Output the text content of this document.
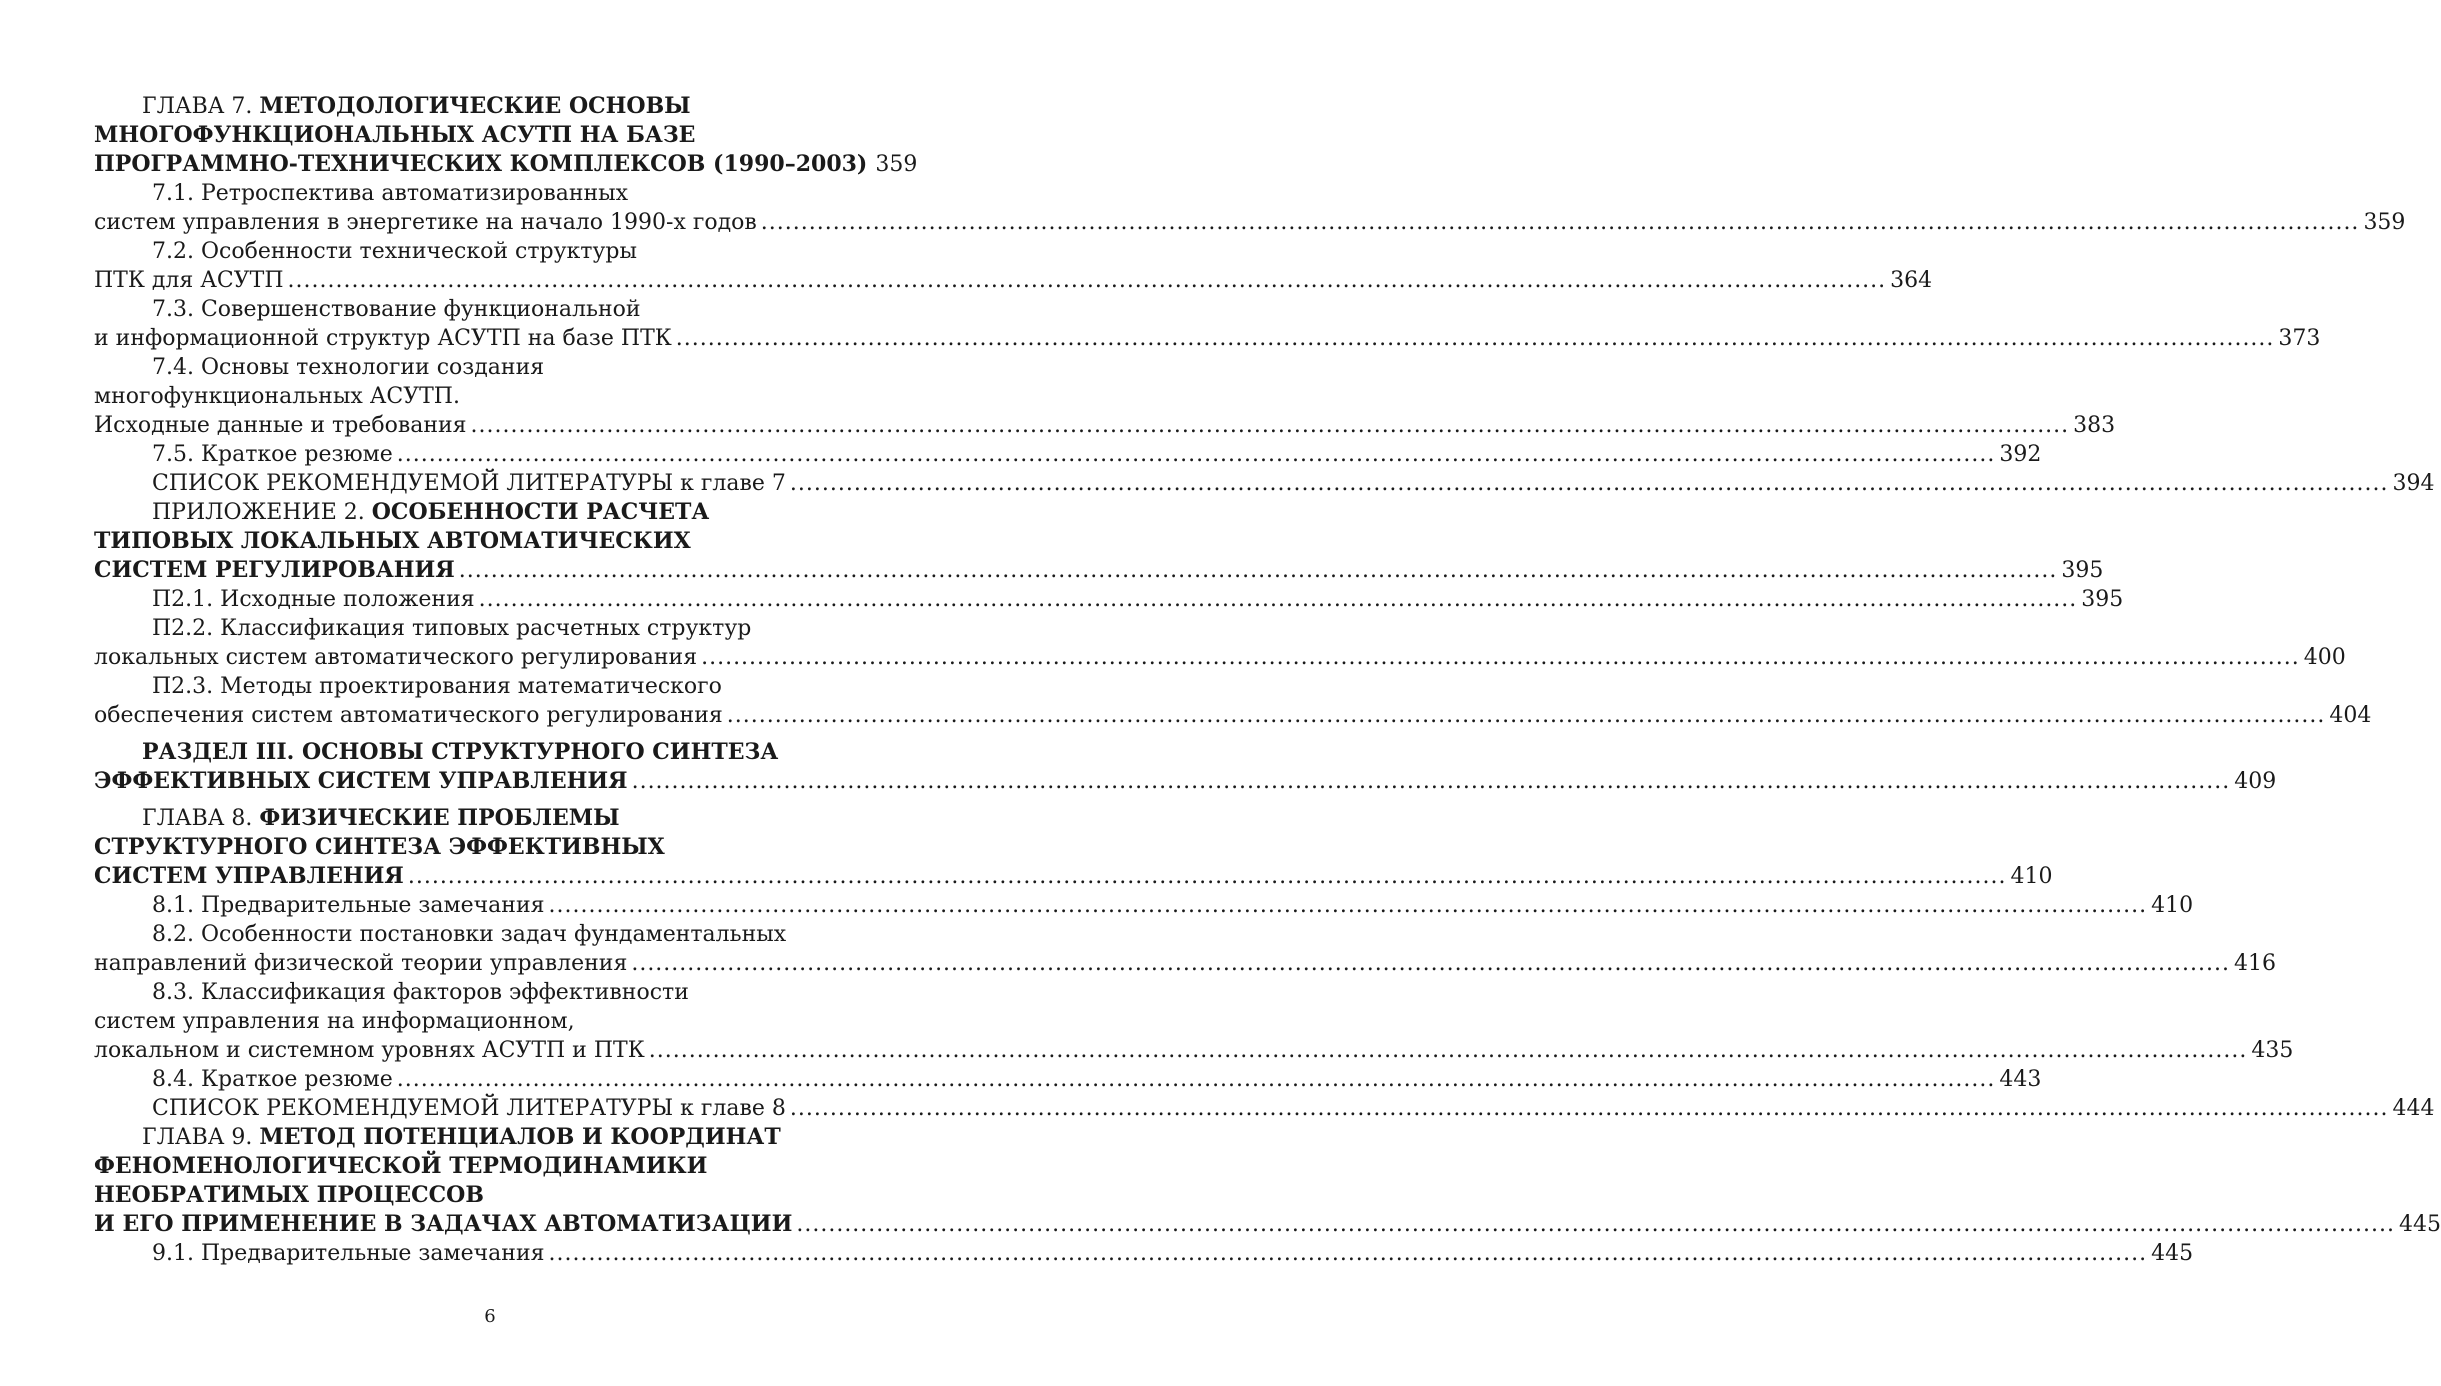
ГЛАВА 7. МЕТОДОЛОГИЧЕСКИЕ ОСНОВЫ
МНОГОФУНКЦИОНАЛЬНЫХ АСУТП НА БАЗЕ
ПРОГРАММНО-ТЕХНИЧЕСКИХ КОМПЛЕКСОВ (1990–2003) 359
7.1. Ретроспектива автоматизированных
систем управления в энергетике на начало 1990-х годов ........................................................................................................................................................................................................ 359
7.2. Особенности технической структуры
ПТК для АСУТП ........................................................................................................................................................................................................ 364
7.3. Совершенствование функциональной
и информационной структур АСУТП на базе ПТК ........................................................................................................................................................................................................ 373
7.4. Основы технологии создания
многофункциональных АСУТП.
Исходные данные и требования ........................................................................................................................................................................................................ 383
7.5. Краткое резюме ........................................................................................................................................................................................................ 392
СПИСОК РЕКОМЕНДУЕМОЙ ЛИТЕРАТУРЫ к главе 7 ........................................................................................................................................................................................................ 394
ПРИЛОЖЕНИЕ 2. ОСОБЕННОСТИ РАСЧЕТА
ТИПОВЫХ ЛОКАЛЬНЫХ АВТОМАТИЧЕСКИХ
СИСТЕМ РЕГУЛИРОВАНИЯ ........................................................................................................................................................................................................ 395
П2.1. Исходные положения ........................................................................................................................................................................................................ 395
П2.2. Классификация типовых расчетных структур
локальных систем автоматического регулирования ........................................................................................................................................................................................................ 400
П2.3. Методы проектирования математического
обеспечения систем автоматического регулирования ........................................................................................................................................................................................................ 404
РАЗДЕЛ III. ОСНОВЫ СТРУКТУРНОГО СИНТЕЗА
ЭФФЕКТИВНЫХ СИСТЕМ УПРАВЛЕНИЯ ........................................................................................................................................................................................................ 409
ГЛАВА 8. ФИЗИЧЕСКИЕ ПРОБЛЕМЫ
СТРУКТУРНОГО СИНТЕЗА ЭФФЕКТИВНЫХ
СИСТЕМ УПРАВЛЕНИЯ ........................................................................................................................................................................................................ 410
8.1. Предварительные замечания ........................................................................................................................................................................................................ 410
8.2. Особенности постановки задач фундаментальных
направлений физической теории управления ........................................................................................................................................................................................................ 416
8.3. Классификация факторов эффективности
систем управления на информационном,
локальном и системном уровнях АСУТП и ПТК ........................................................................................................................................................................................................ 435
8.4. Краткое резюме ........................................................................................................................................................................................................ 443
СПИСОК РЕКОМЕНДУЕМОЙ ЛИТЕРАТУРЫ к главе 8 ........................................................................................................................................................................................................ 444
ГЛАВА 9. МЕТОД ПОТЕНЦИАЛОВ И КООРДИНАТ
ФЕНОМЕНОЛОГИЧЕСКОЙ ТЕРМОДИНАМИКИ
НЕОБРАТИМЫХ ПРОЦЕССОВ
И ЕГО ПРИМЕНЕНИЕ В ЗАДАЧАХ АВТОМАТИЗАЦИИ ........................................................................................................................................................................................................ 445
9.1. Предварительные замечания ........................................................................................................................................................................................................ 445
6
